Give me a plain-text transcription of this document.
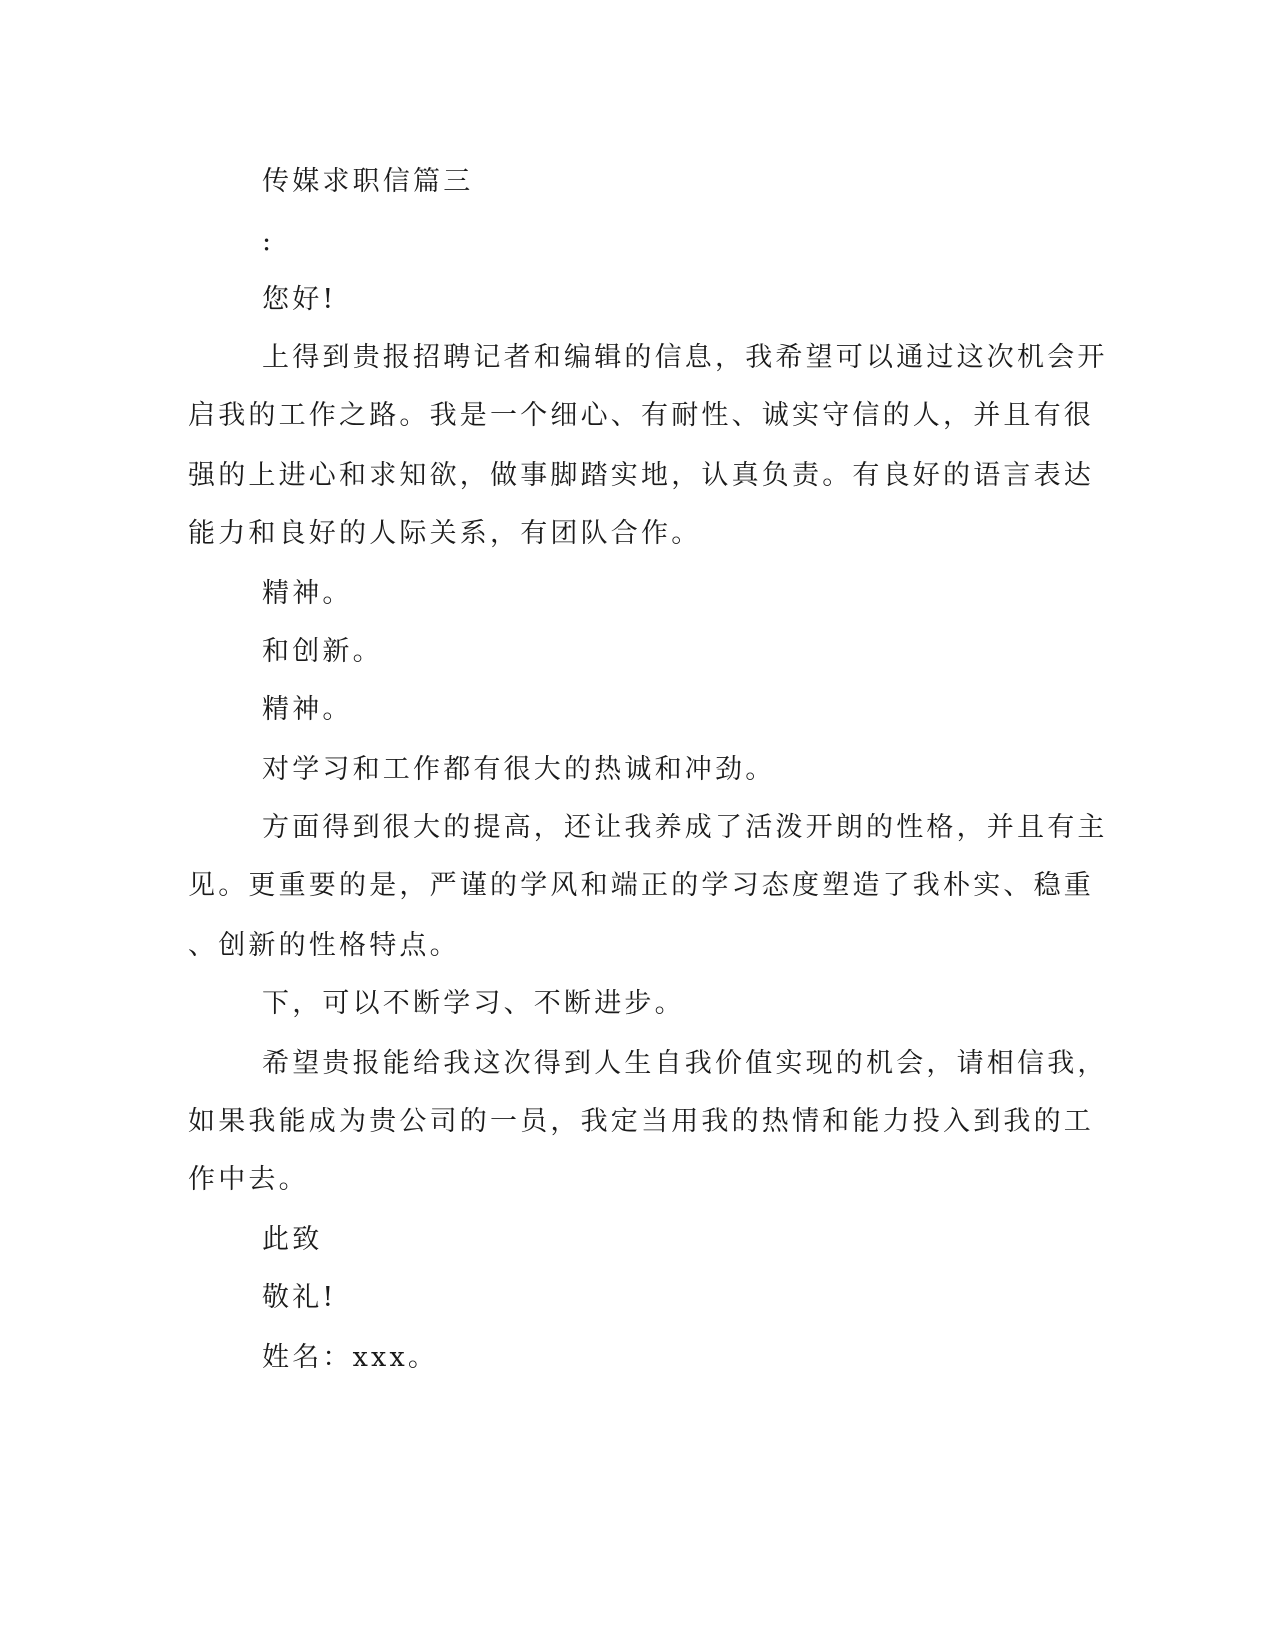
传媒求职信篇三
:
您好!
上得到贵报招聘记者和编辑的信息，我希望可以通过这次机会开
启我的工作之路。我是一个细心、有耐性、诚实守信的人，并且有很
强的上进心和求知欲，做事脚踏实地，认真负责。有良好的语言表达
能力和良好的人际关系，有团队合作。
精神。
和创新。
精神。
对学习和工作都有很大的热诚和冲劲。
方面得到很大的提高，还让我养成了活泼开朗的性格，并且有主
见。更重要的是，严谨的学风和端正的学习态度塑造了我朴实、稳重
、创新的性格特点。
下，可以不断学习、不断进步。
希望贵报能给我这次得到人生自我价值实现的机会，请相信我，
如果我能成为贵公司的一员，我定当用我的热情和能力投入到我的工
作中去。
此致
敬礼!
姓名：xxx。
